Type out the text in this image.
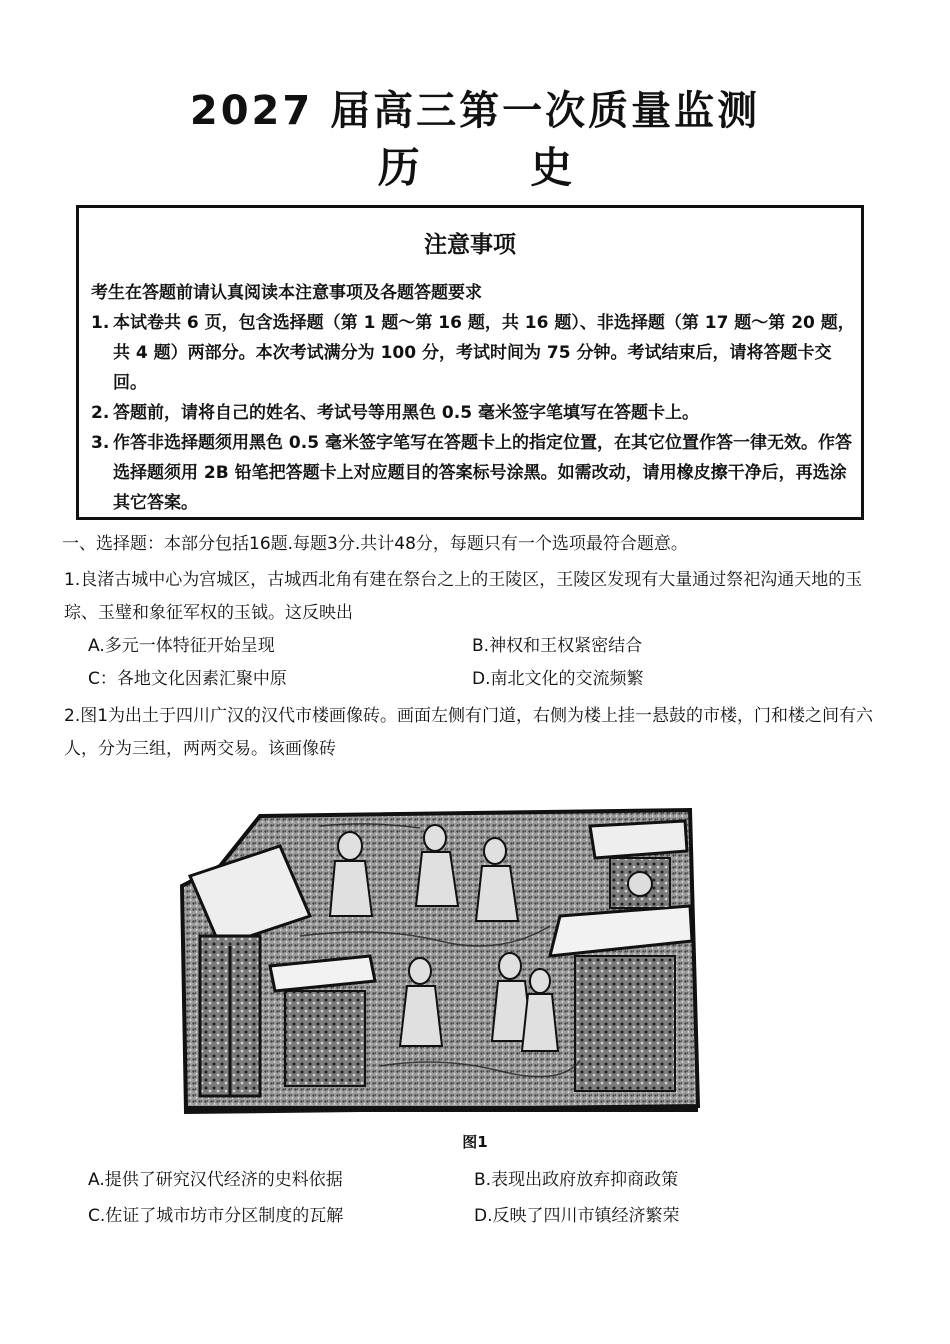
2027 届高三第一次质量监测
历 史
注意事项
考生在答题前请认真阅读本注意事项及各题答题要求
1. 本试卷共 6 页，包含选择题（第 1 题～第 16 题，共 16 题）、非选择题（第 17 题～第 20 题，共 4 题）两部分。本次考试满分为 100 分，考试时间为 75 分钟。考试结束后，请将答题卡交回。
2. 答题前，请将自己的姓名、考试号等用黑色 0.5 毫米签字笔填写在答题卡上。
3. 作答非选择题须用黑色 0.5 毫米签字笔写在答题卡上的指定位置，在其它位置作答一律无效。作答选择题须用 2B 铅笔把答题卡上对应题目的答案标号涂黑。如需改动，请用橡皮擦干净后，再选涂其它答案。
一、选择题：本部分包括16题.每题3分.共计48分，每题只有一个选项最符合题意。
1.良渚古城中心为宫城区，古城西北角有建在祭台之上的王陵区，王陵区发现有大量通过祭祀沟通天地的玉琮、玉璧和象征军权的玉钺。这反映出
A.多元一体特征开始呈现	B.神权和王权紧密结合
C：各地文化因素汇聚中原	D.南北文化的交流频繁
2.图1为出土于四川广汉的汉代市楼画像砖。画面左侧有门道，右侧为楼上挂一悬鼓的市楼，门和楼之间有六人，分为三组，两两交易。该画像砖
图1
A.提供了研究汉代经济的史料依据	B.表现出政府放弃抑商政策
C.佐证了城市坊市分区制度的瓦解	D.反映了四川市镇经济繁荣
